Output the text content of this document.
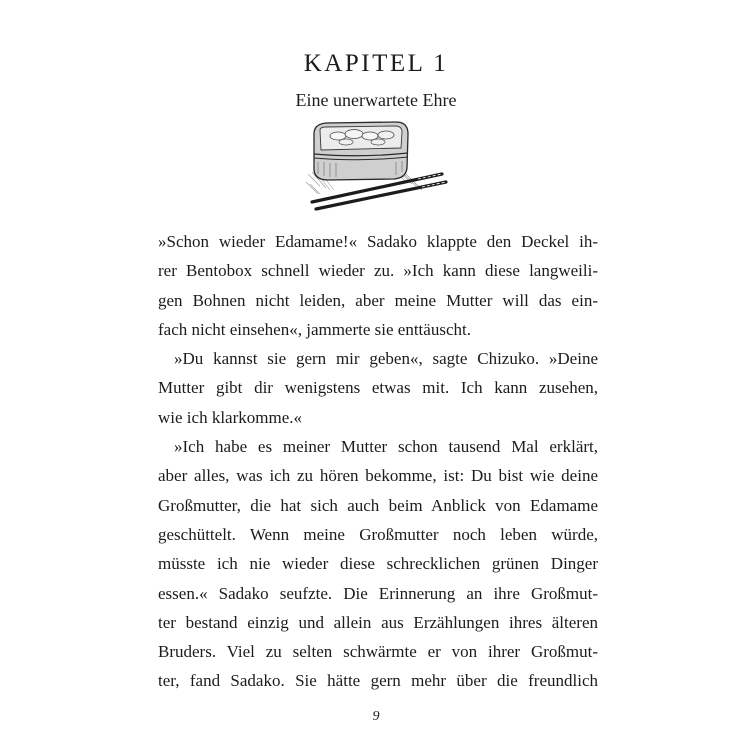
KAPITEL 1
Eine unerwartete Ehre
»Schon wieder Edamame!« Sadako klappte den Deckel ih-
rer Bentobox schnell wieder zu. »Ich kann diese langweili-
gen Bohnen nicht leiden, aber meine Mutter will das ein-
fach nicht einsehen«, jammerte sie enttäuscht.
»Du kannst sie gern mir geben«, sagte Chizuko. »Deine
Mutter gibt dir wenigstens etwas mit. Ich kann zusehen,
wie ich klarkomme.«
»Ich habe es meiner Mutter schon tausend Mal erklärt,
aber alles, was ich zu hören bekomme, ist: Du bist wie deine
Großmutter, die hat sich auch beim Anblick von Edamame
geschüttelt. Wenn meine Großmutter noch leben würde,
müsste ich nie wieder diese schrecklichen grünen Dinger
essen.« Sadako seufzte. Die Erinnerung an ihre Großmut-
ter bestand einzig und allein aus Erzählungen ihres älteren
Bruders. Viel zu selten schwärmte er von ihrer Großmut-
ter, fand Sadako. Sie hätte gern mehr über die freundlich
9
